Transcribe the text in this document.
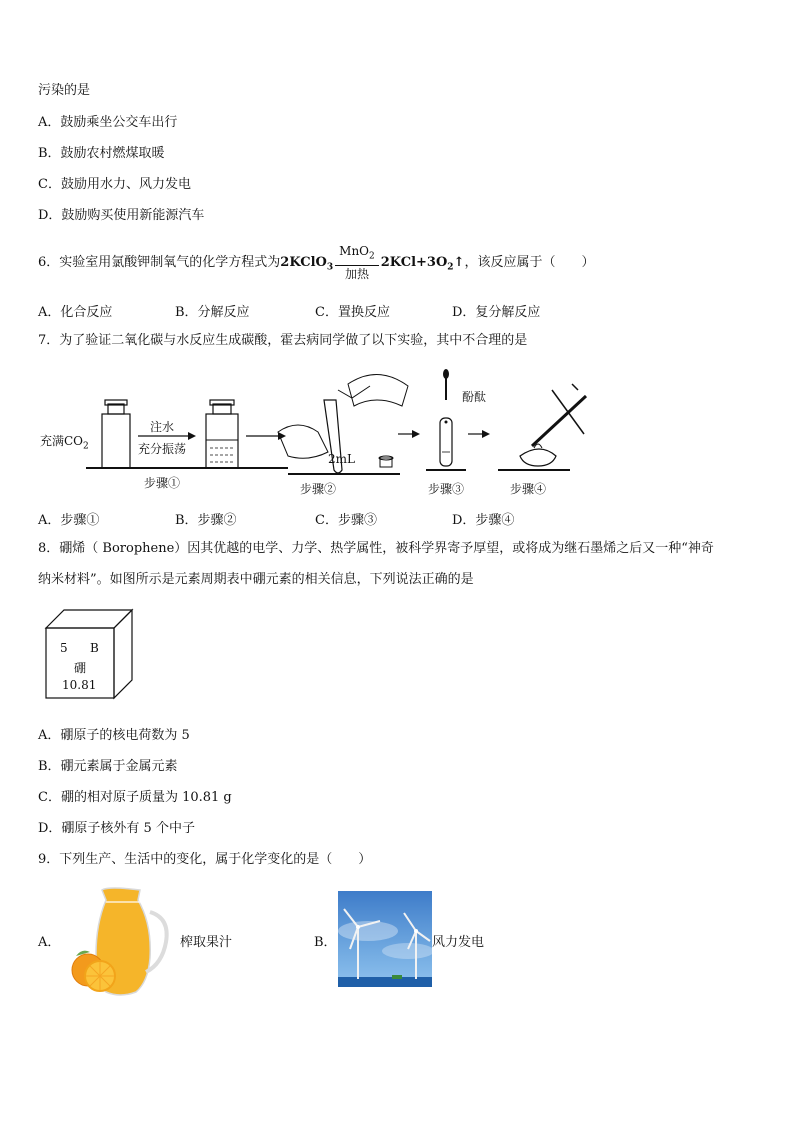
污染的是
A．鼓励乘坐公交车出行
B．鼓励农村燃煤取暖
C．鼓励用水力、风力发电
D．鼓励购买使用新能源汽车
6．实验室用氯酸钾制氧气的化学方程式为2KClO$_3$ $\frac{MnO_2}{\text{加热}}$ $2KCl+3O_2↑$，该反应属于（　　）
A．化合反应	B．分解反应	C．置换反应	D．复分解反应
7．为了验证二氧化碳与水反应生成碳酸，霍去病同学做了以下实验，其中不合理的是
充满$CO_2$
注水
充分振荡
步骤①
2mL
步骤②
酚酞
步骤③	步骤④
A．步骤①	B．步骤②	C．步骤③	D．步骤④
8．硼烯（ Borophene）因其优越的电学、力学、热学属性，被科学界寄予厚望，或将成为继石墨烯之后又一种“神奇
纳米材料”。如图所示是元素周期表中硼元素的相关信息，下列说法正确的是
5 B
硼
10.81
A．硼原子的核电荷数为 5
B．硼元素属于金属元素
C．硼的相对原子质量为 10.81 g
D．硼原子核外有 5 个中子
9．下列生产、生活中的变化，属于化学变化的是（　　）
A．	榨取果汁	B．	风力发电
